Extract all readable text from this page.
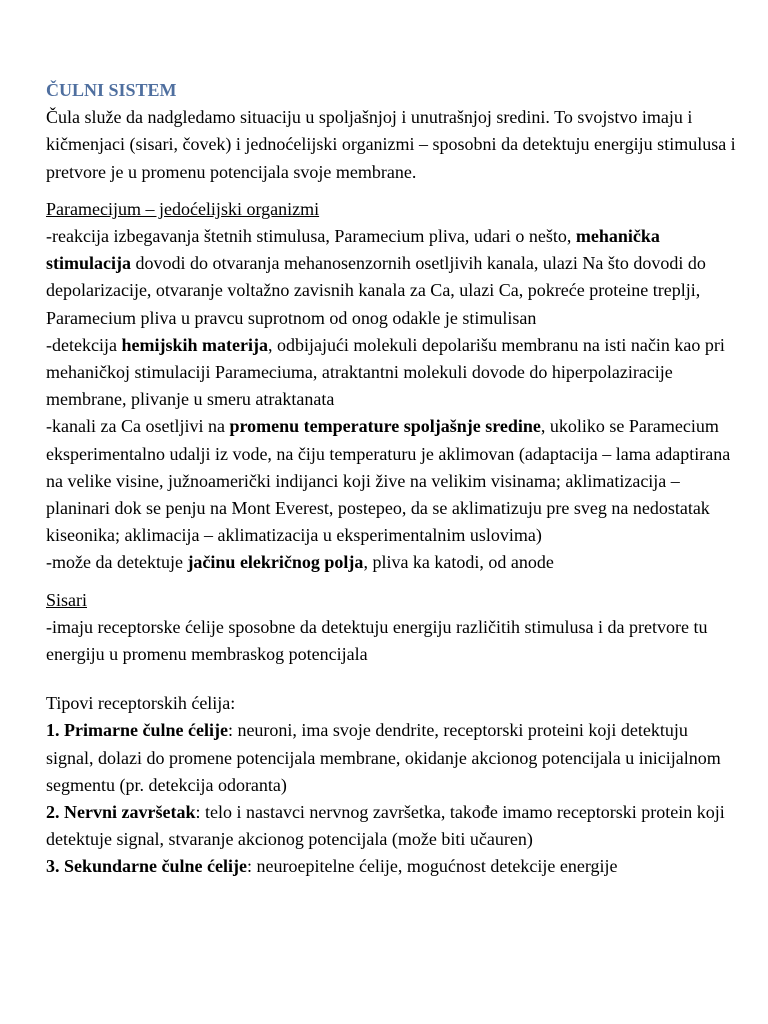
ČULNI SISTEM

Čula služe da nadgledamo situaciju u spoljašnjoj i unutrašnjoj sredini. To svojstvo imaju i kičmenjaci (sisari, čovek) i jednoćelijski organizmi – sposobni da detektuju energiju stimulusa i pretvore je u promenu potencijala svoje membrane.

Paramecijum – jedoćelijski organizmi

-reakcija izbegavanja štetnih stimulusa, Paramecium pliva, udari o nešto, mehanička stimulacija dovodi do otvaranja mehanosenzornih osetljivih kanala, ulazi Na što dovodi do depolarizacije, otvaranje voltažno zavisnih kanala za Ca, ulazi Ca, pokreće proteine treplji, Paramecium pliva u pravcu suprotnom od onog odakle je stimulisan

-detekcija hemijskih materija, odbijajući molekuli depolarišu membranu na isti način kao pri mehaničkoj stimulaciji Parameciuma, atraktantni molekuli dovode do hiperpolaziracije membrane, plivanje u smeru atraktanata

-kanali za Ca osetljivi na promenu temperature spoljašnje sredine, ukoliko se Paramecium eksperimentalno udalji iz vode, na čiju temperaturu je aklimovan (adaptacija – lama adaptirana na velike visine, južnoamerički indijanci koji žive na velikim visinama; aklimatizacija – planinari dok se penju na Mont Everest, postepeo, da se aklimatizuju pre sveg na nedostatak kiseonika; aklimacija – aklimatizacija u eksperimentalnim uslovima)

-može da detektuje jačinu elekričnog polja, pliva ka katodi, od anode

Sisari

-imaju receptorske ćelije sposobne da detektuju energiju različitih stimulusa i da pretvore tu energiju u promenu membraskog potencijala

Tipovi receptorskih ćelija:

1. Primarne čulne ćelije: neuroni, ima svoje dendrite, receptorski proteini koji detektuju signal, dolazi do promene potencijala membrane, okidanje akcionog potencijala u inicijalnom segmentu (pr. detekcija odoranta)

2. Nervni završetak: telo i nastavci nervnog završetka, takođe imamo receptorski protein koji detektuje signal, stvaranje akcionog potencijala (može biti učauren)

3. Sekundarne čulne ćelije: neuroepitelne ćelije, mogućnost detekcije energije
